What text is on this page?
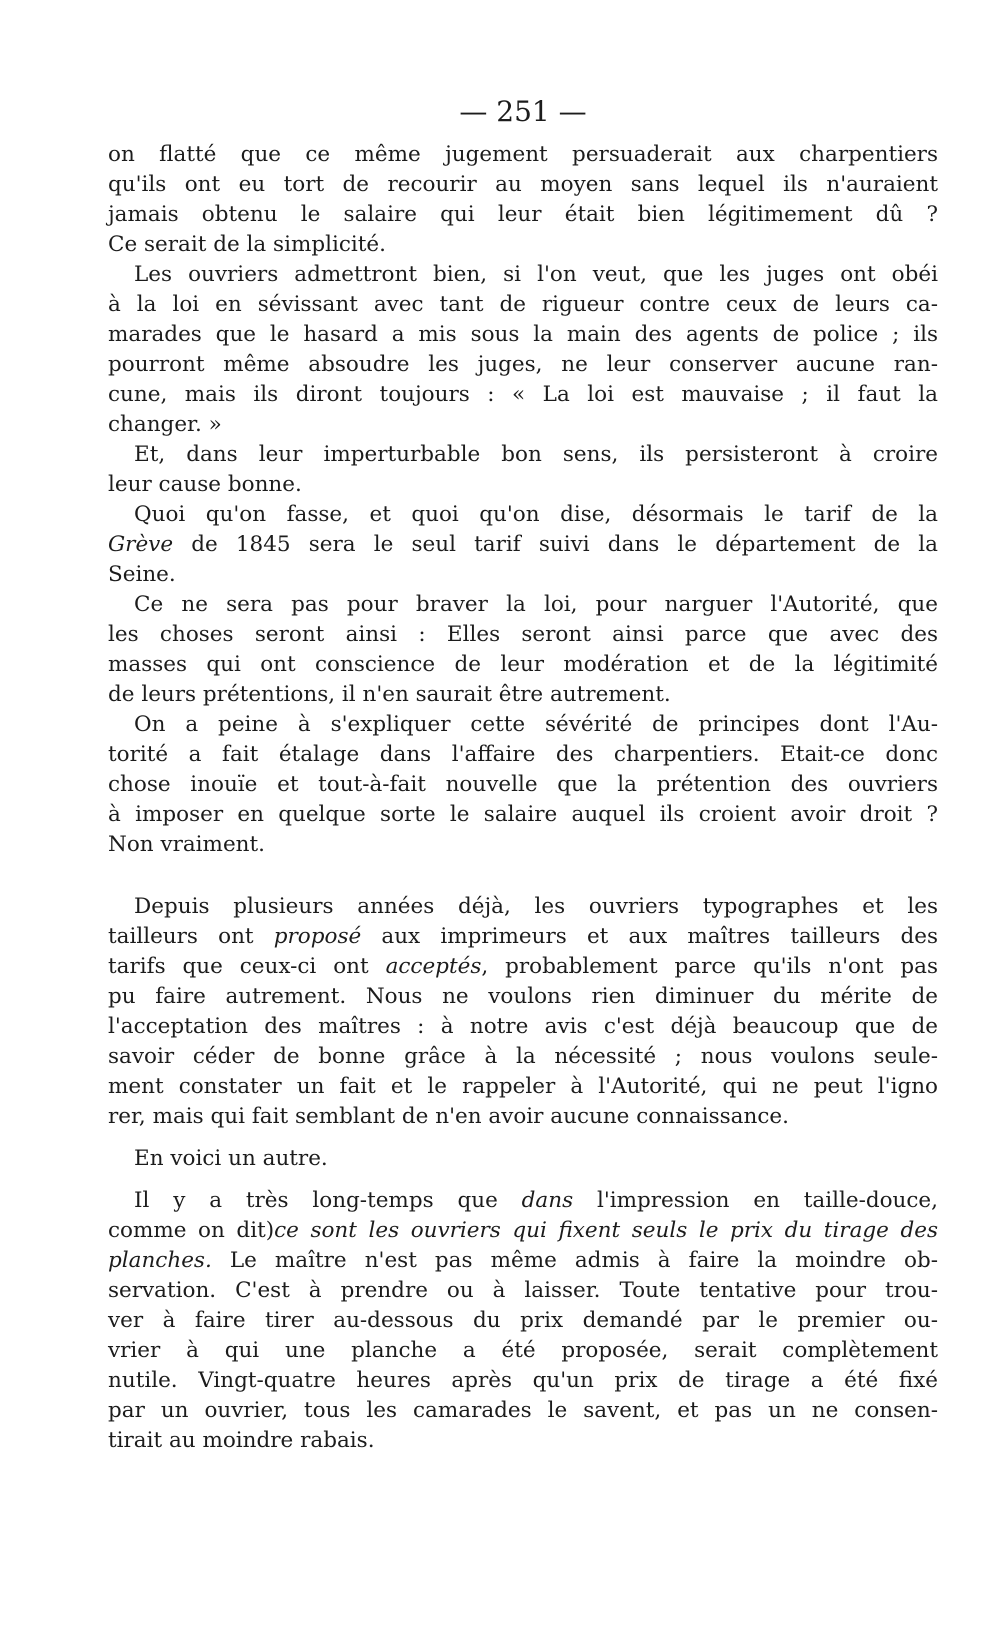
— 251 —
on flatté que ce même jugement persuaderait aux charpentiers
qu'ils ont eu tort de recourir au moyen sans lequel ils n'auraient
jamais obtenu le salaire qui leur était bien légitimement dû ?
Ce serait de la simplicité.
Les ouvriers admettront bien, si l'on veut, que les juges ont obéi
à la loi en sévissant avec tant de rigueur contre ceux de leurs ca-
marades que le hasard a mis sous la main des agents de police ; ils
pourront même absoudre les juges, ne leur conserver aucune ran-
cune, mais ils diront toujours : « La loi est mauvaise ; il faut la
changer. »
Et, dans leur imperturbable bon sens, ils persisteront à croire
leur cause bonne.
Quoi qu'on fasse, et quoi qu'on dise, désormais le tarif de la
Grève de 1845 sera le seul tarif suivi dans le département de la
Seine.
Ce ne sera pas pour braver la loi, pour narguer l'Autorité, que
les choses seront ainsi : Elles seront ainsi parce que avec des
masses qui ont conscience de leur modération et de la légitimité
de leurs prétentions, il n'en saurait être autrement.
On a peine à s'expliquer cette sévérité de principes dont l'Au-
torité a fait étalage dans l'affaire des charpentiers. Etait-ce donc
chose inouïe et tout-à-fait nouvelle que la prétention des ouvriers
à imposer en quelque sorte le salaire auquel ils croient avoir droit ?
Non vraiment.
Depuis plusieurs années déjà, les ouvriers typographes et les
tailleurs ont proposé aux imprimeurs et aux maîtres tailleurs des
tarifs que ceux-ci ont acceptés, probablement parce qu'ils n'ont pas
pu faire autrement. Nous ne voulons rien diminuer du mérite de
l'acceptation des maîtres : à notre avis c'est déjà beaucoup que de
savoir céder de bonne grâce à la nécessité ; nous voulons seule-
ment constater un fait et le rappeler à l'Autorité, qui ne peut l'igno
rer, mais qui fait semblant de n'en avoir aucune connaissance.
En voici un autre.
Il y a très long-temps que dans l'impression en taille-douce,
comme on dit)ce sont les ouvriers qui fixent seuls le prix du tirage des
planches. Le maître n'est pas même admis à faire la moindre ob-
servation. C'est à prendre ou à laisser. Toute tentative pour trou-
ver à faire tirer au-dessous du prix demandé par le premier ou-
vrier à qui une planche a été proposée, serait complètement
nutile. Vingt-quatre heures après qu'un prix de tirage a été fixé
par un ouvrier, tous les camarades le savent, et pas un ne consen-
tirait au moindre rabais.
